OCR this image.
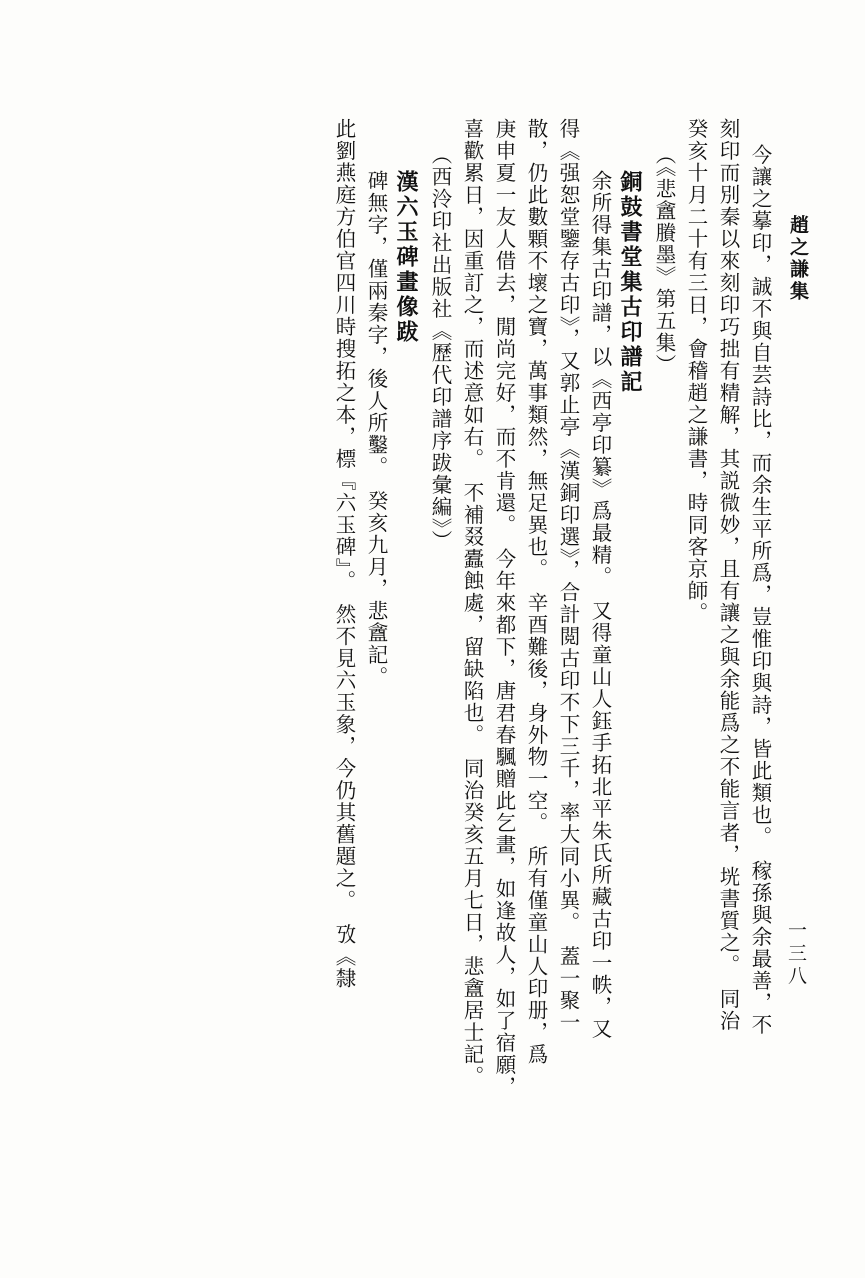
趙之謙集
一三八
今讓之摹印，誠不與自芸詩比，而余生平所爲，豈惟印與詩，皆此類也。　稼孫與余最善，不
刻印而別秦以來刻印巧拙有精解，其説微妙，且有讓之與余能爲之不能言者，垙書質之。　同治
癸亥十月二十有三日，會稽趙之謙書，時同客京師。
（《悲盦賸墨》第五集）
銅鼓書堂集古印譜記
余所得集古印譜，以《西亭印纂》爲最精。　又得童山人鈺手拓北平朱氏所藏古印一帙，又
得《强恕堂鑒存古印》，又郭止亭《漢銅印選》，合計閲古印不下三千，率大同小異。　蓋一聚一
散，仍此數顆不壞之寶，萬事類然，無足異也。　辛酉難後，身外物一空。　所有僅童山人印册，爲
庚申夏一友人借去，閒尚完好，而不肯還。　今年來都下，唐君春颿贈此乞畫，如逢故人，如了宿願，
喜歡累日，因重訂之，而述意如右。　不補叕蠹蝕處，留缺陷也。　同治癸亥五月七日，悲盦居士記。
（西泠印社出版社《歷代印譜序跋彙編》）
漢六玉碑畫像跋
碑無字，僅兩秦字，後人所鑿。　癸亥九月，悲盦記。
此劉燕庭方伯官四川時搜拓之本，標『六玉碑』。　然不見六玉象，今仍其舊題之。　攷《隸
